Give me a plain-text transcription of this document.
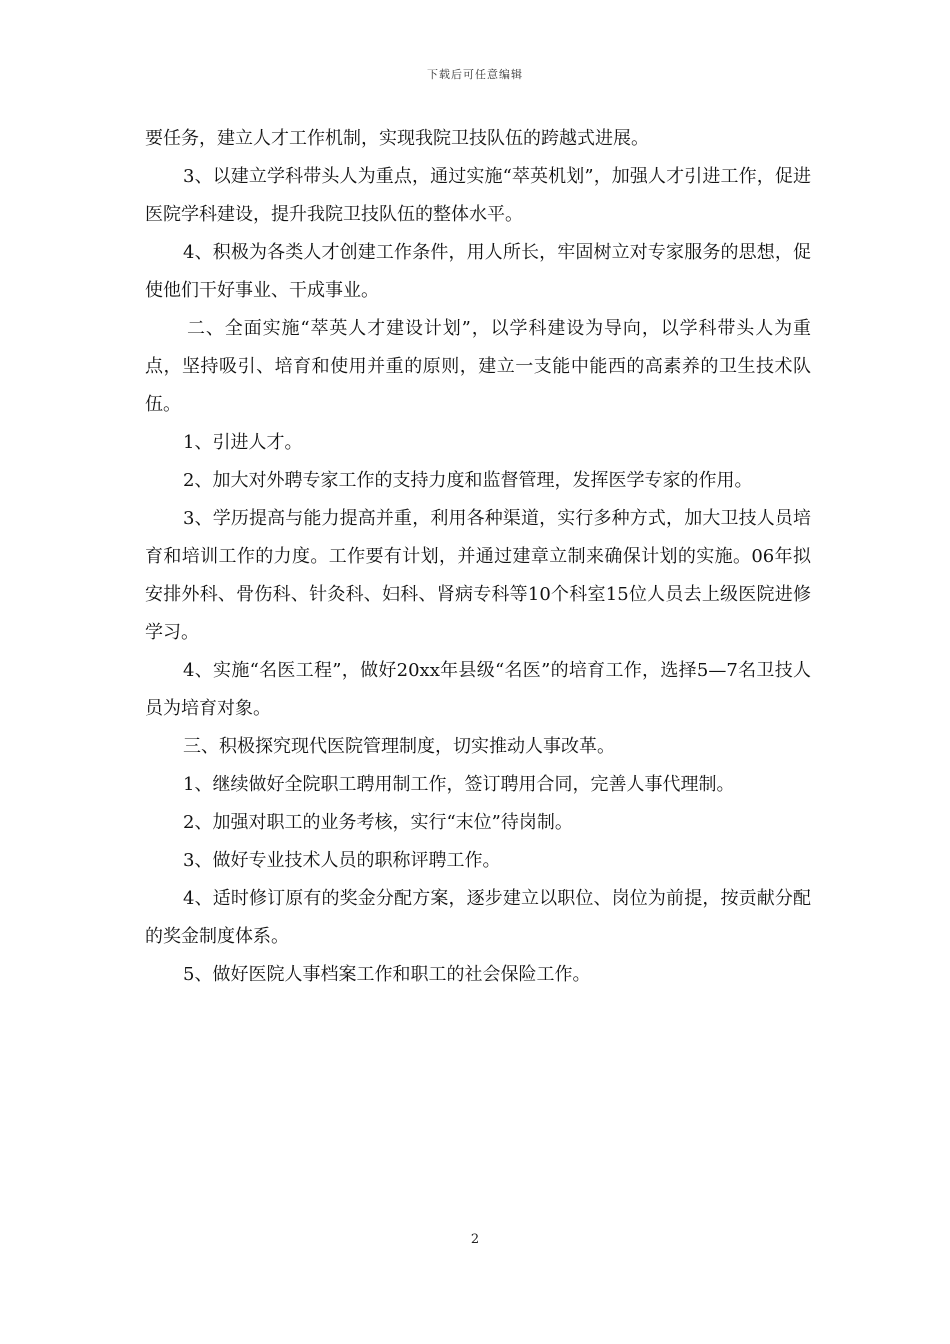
下载后可任意编辑

要任务，建立人才工作机制，实现我院卫技队伍的跨越式进展。

3、以建立学科带头人为重点，通过实施“萃英机划”，加强人才引进工作，促进医院学科建设，提升我院卫技队伍的整体水平。

4、积极为各类人才创建工作条件，用人所长，牢固树立对专家服务的思想，促使他们干好事业、干成事业。

二、全面实施“萃英人才建设计划”，以学科建设为导向，以学科带头人为重点，坚持吸引、培育和使用并重的原则，建立一支能中能西的高素养的卫生技术队伍。

1、引进人才。

2、加大对外聘专家工作的支持力度和监督管理，发挥医学专家的作用。

3、学历提高与能力提高并重，利用各种渠道，实行多种方式，加大卫技人员培育和培训工作的力度。工作要有计划，并通过建章立制来确保计划的实施。06年拟安排外科、骨伤科、针灸科、妇科、肾病专科等10个科室15位人员去上级医院进修学习。

4、实施“名医工程”，做好20xx年县级“名医”的培育工作，选择5—7名卫技人员为培育对象。

三、积极探究现代医院管理制度，切实推动人事改革。

1、继续做好全院职工聘用制工作，签订聘用合同，完善人事代理制。

2、加强对职工的业务考核，实行“末位”待岗制。

3、做好专业技术人员的职称评聘工作。

4、适时修订原有的奖金分配方案，逐步建立以职位、岗位为前提，按贡献分配的奖金制度体系。

5、做好医院人事档案工作和职工的社会保险工作。

2
